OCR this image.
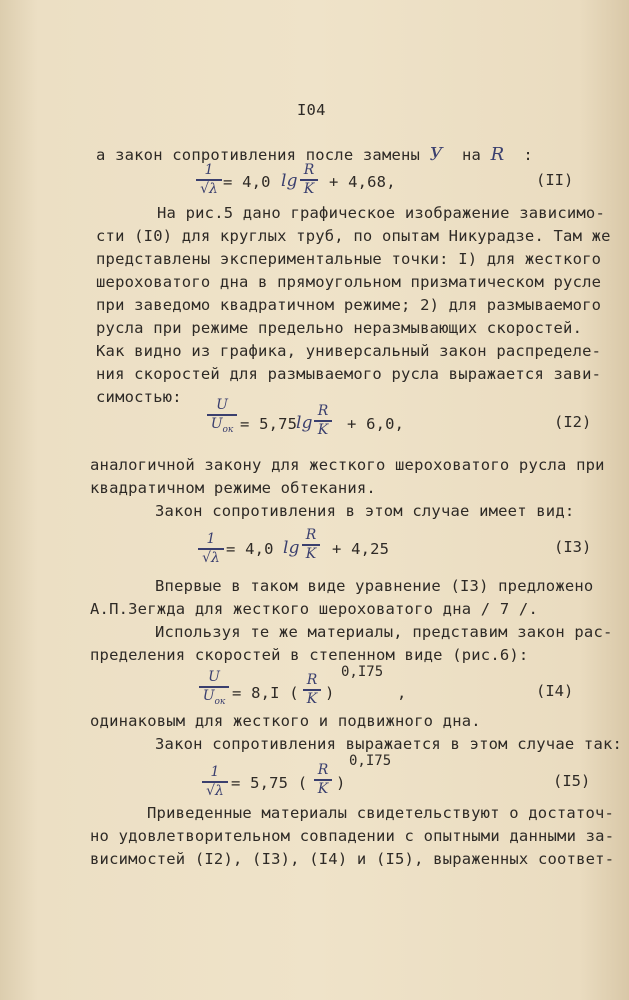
I04
а закон сопротивления после замены У на R :
1
√λ = 4,0 lg
R
K + 4,68,	(II)
На рис.5 дано графическое изображение зависимо-
сти (I0) для круглых труб, по опытам Никурадзе. Там же
представлены экспериментальные точки: I) для жесткого
шероховатого дна в прямоугольном призматическом русле
при заведомо квадратичном режиме; 2) для размываемого
русла при режиме предельно неразмывающих скоростей.
Как видно из графика, универсальный закон распределе-
ния скоростей для размываемого русла выражается зави-
симостью:	U
$U_{ок} = 5,75$
lg
R
K + 6,0,	(I2)
аналогичной закону для жесткого шероховатого русла при
квадратичном режиме обтекания.
Закон сопротивления в этом случае имеет вид:
1
√λ = 4,0 lg
R
K + 4,25	(I3)
Впервые в таком виде уравнение (I3) предложено
А.П.Зегжда для жесткого шероховатого дна / 7 /.
Используя те же материалы, представим закон рас-
пределения скоростей в степенном виде (рис.6):
U
$U_{ок} = 8,I$ (
R
K )
0,I75
,	(I4)
одинаковым для жесткого и подвижного дна.
Закон сопротивления выражается в этом случае так:
1
√λ = 5,75 (
R
K )
0,I75
(I5)
Приведенные материалы свидетельствуют о достаточ-
но удовлетворительном совпадении с опытными данными за-
висимостей (I2), (I3), (I4) и (I5), выраженных соответ-
